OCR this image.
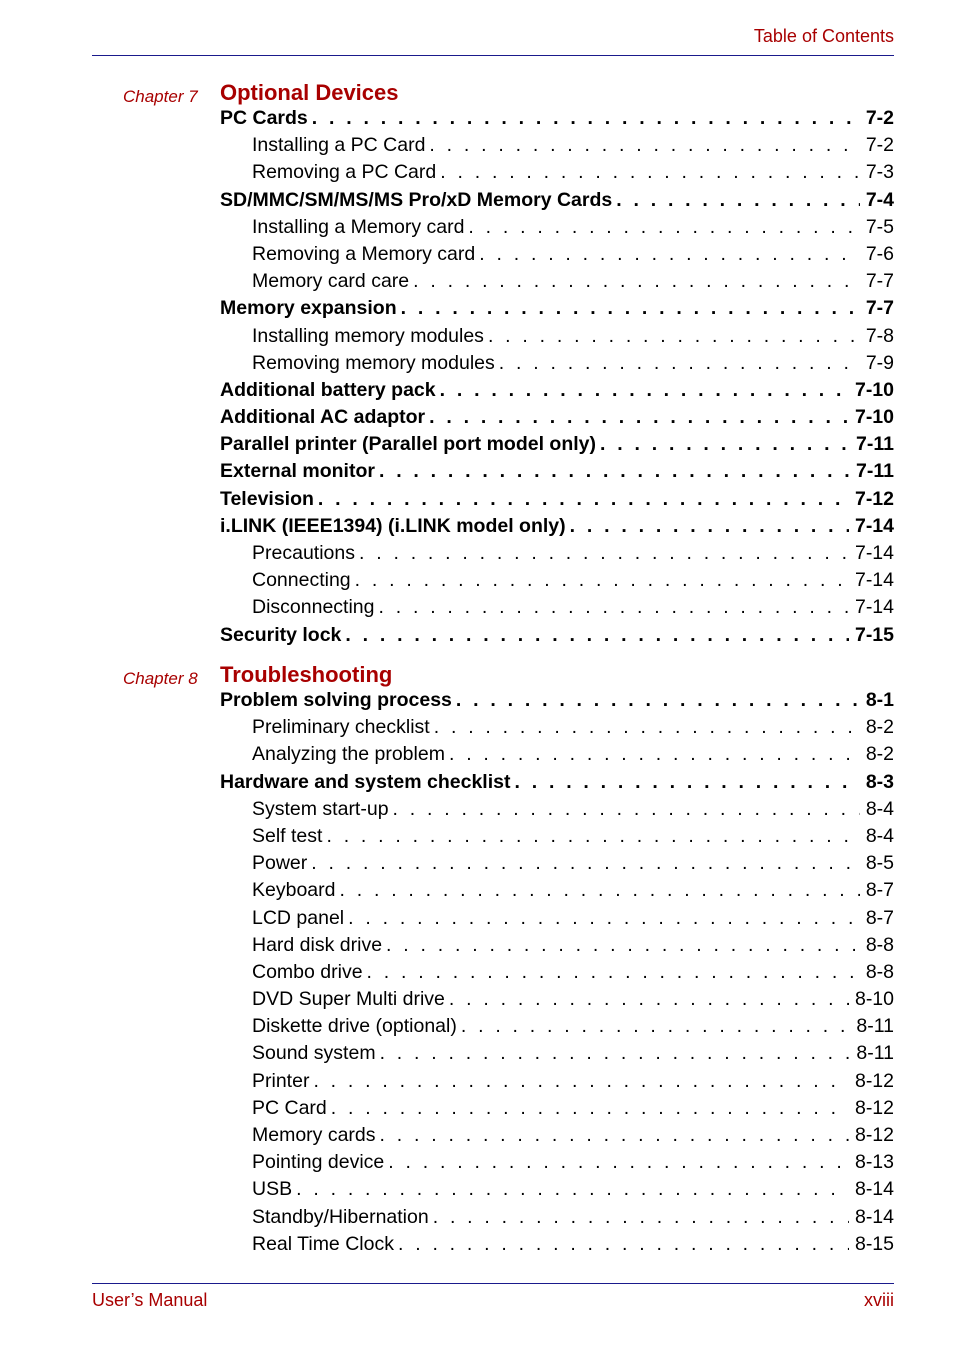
Table of Contents
Chapter 7	Optional Devices
PC Cards . . .	7-2
Installing a PC Card . . .	7-2
Removing a PC Card . . .	7-3
SD/MMC/SM/MS/MS Pro/xD Memory Cards . . .	7-4
Installing a Memory card . . .	7-5
Removing a Memory card . . .	7-6
Memory card care . . .	7-7
Memory expansion . . .	7-7
Installing memory modules . . .	7-8
Removing memory modules . . .	7-9
Additional battery pack . . .	7-10
Additional AC adaptor . . .	7-10
Parallel printer (Parallel port model only) . . .	7-11
External monitor . . .	7-11
Television . . .	7-12
i.LINK (IEEE1394) (i.LINK model only) . . .	7-14
Precautions . . .	7-14
Connecting . . .	7-14
Disconnecting . . .	7-14
Security lock . . .	7-15
Chapter 8	Troubleshooting
Problem solving process . . .	8-1
Preliminary checklist . . .	8-2
Analyzing the problem . . .	8-2
Hardware and system checklist . . .	8-3
System start-up . . .	8-4
Self test . . .	8-4
Power . . .	8-5
Keyboard . . .	8-7
LCD panel . . .	8-7
Hard disk drive . . .	8-8
Combo drive . . .	8-8
DVD Super Multi drive . . .	8-10
Diskette drive (optional) . . .	8-11
Sound system . . .	8-11
Printer . . .	8-12
PC Card . . .	8-12
Memory cards . . .	8-12
Pointing device . . .	8-13
USB . . .	8-14
Standby/Hibernation . . .	8-14
Real Time Clock . . .	8-15
User’s Manual	xviii
